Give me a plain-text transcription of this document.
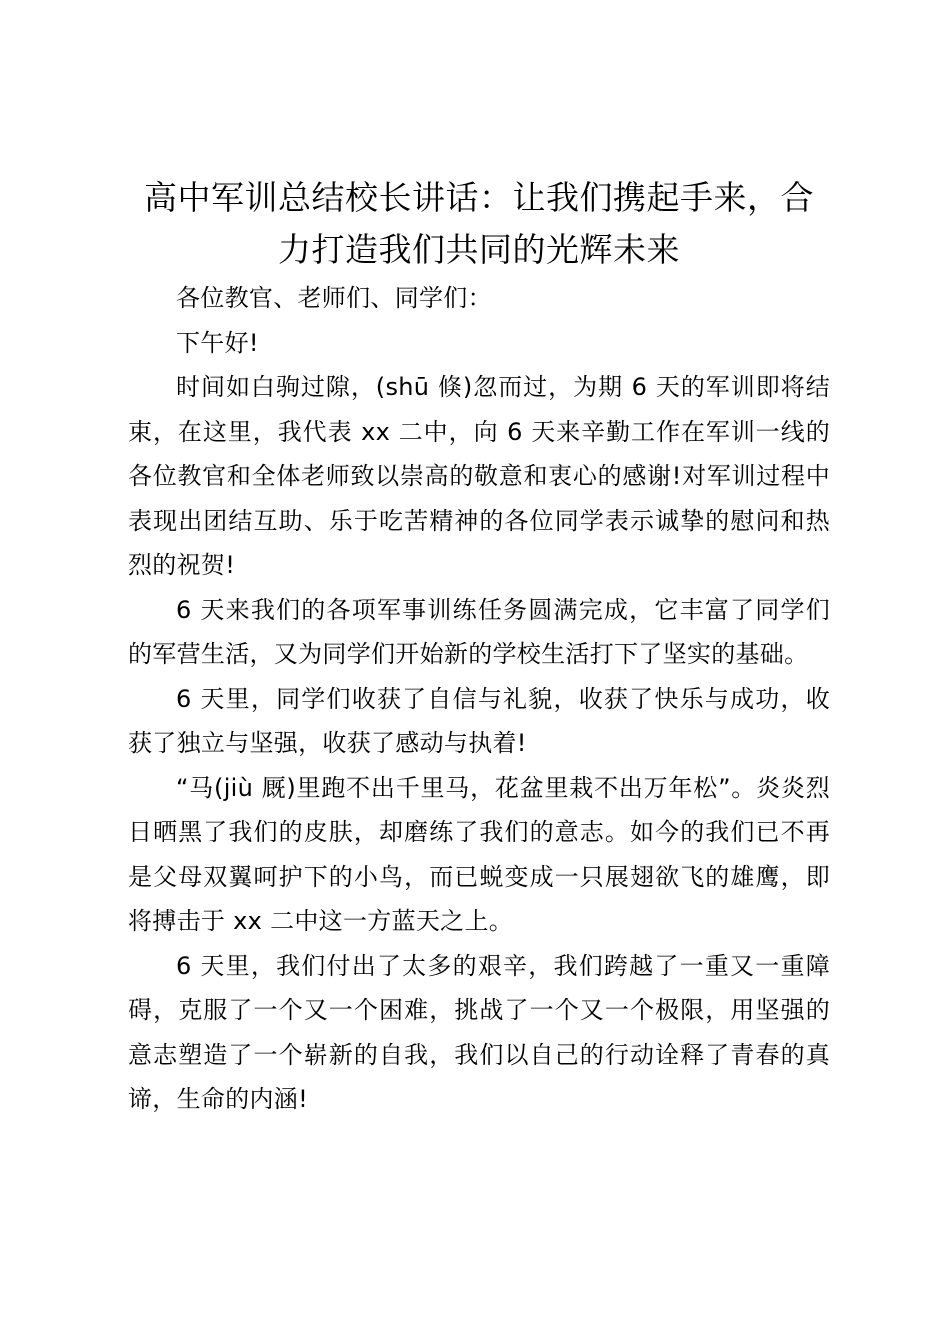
高中军训总结校长讲话：让我们携起手来，合力打造我们共同的光辉未来

各位教官、老师们、同学们：

下午好!

时间如白驹过隙，(shū 倏)忽而过，为期 6 天的军训即将结束，在这里，我代表 xx 二中，向 6 天来辛勤工作在军训一线的各位教官和全体老师致以崇高的敬意和衷心的感谢!对军训过程中表现出团结互助、乐于吃苦精神的各位同学表示诚挚的慰问和热烈的祝贺!

6 天来我们的各项军事训练任务圆满完成，它丰富了同学们的军营生活，又为同学们开始新的学校生活打下了坚实的基础。

6 天里，同学们收获了自信与礼貌，收获了快乐与成功，收获了独立与坚强，收获了感动与执着!

“马(jiù 厩)里跑不出千里马，花盆里栽不出万年松”。炎炎烈日晒黑了我们的皮肤，却磨练了我们的意志。如今的我们已不再是父母双翼呵护下的小鸟，而已蜕变成一只展翅欲飞的雄鹰，即将搏击于 xx 二中这一方蓝天之上。

6 天里，我们付出了太多的艰辛，我们跨越了一重又一重障碍，克服了一个又一个困难，挑战了一个又一个极限，用坚强的意志塑造了一个崭新的自我，我们以自己的行动诠释了青春的真谛，生命的内涵!
